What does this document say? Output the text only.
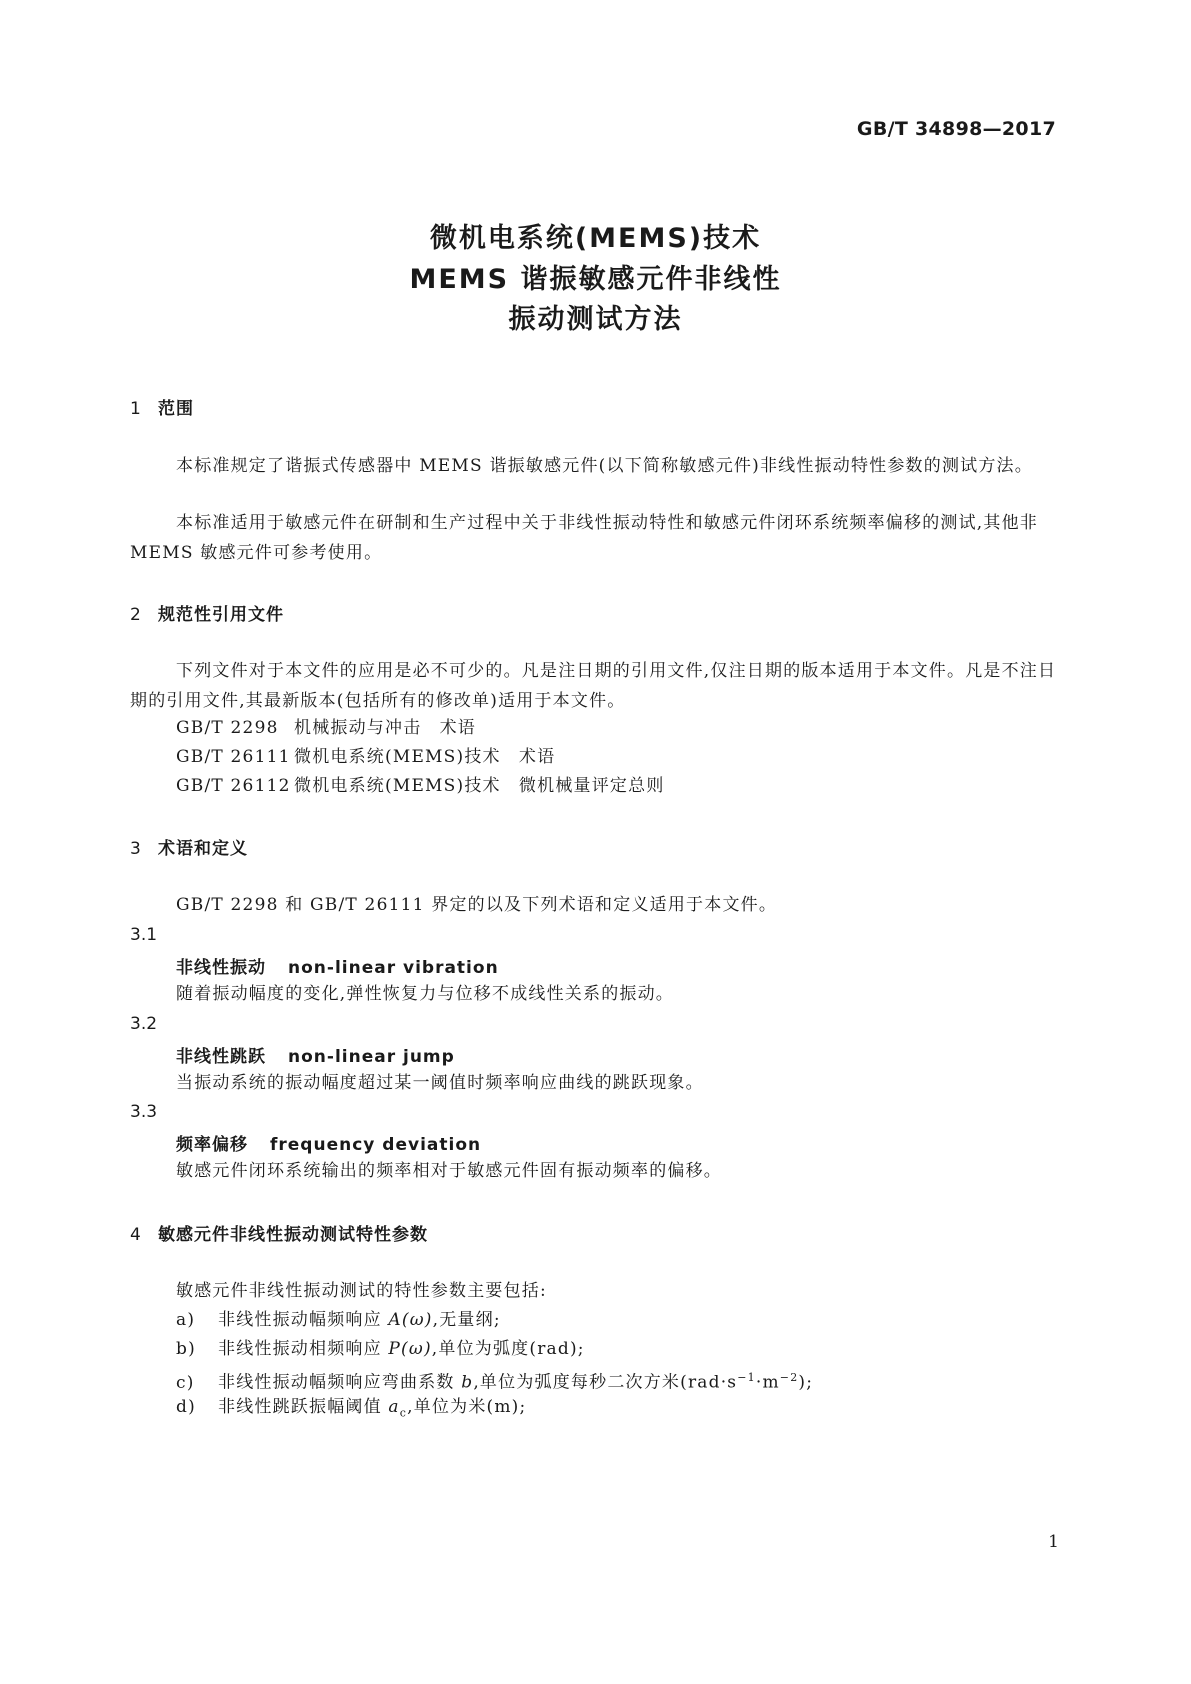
GB/T 34898—2017
微机电系统(MEMS)技术
MEMS 谐振敏感元件非线性
振动测试方法
1 范围
本标准规定了谐振式传感器中 MEMS 谐振敏感元件(以下简称敏感元件)非线性振动特性参数的测试方法。
本标准适用于敏感元件在研制和生产过程中关于非线性振动特性和敏感元件闭环系统频率偏移的测试,其他非 MEMS 敏感元件可参考使用。
2 规范性引用文件
下列文件对于本文件的应用是必不可少的。凡是注日期的引用文件,仅注日期的版本适用于本文件。凡是不注日期的引用文件,其最新版本(包括所有的修改单)适用于本文件。
GB/T 2298 机械振动与冲击　术语
GB/T 26111 微机电系统(MEMS)技术　术语
GB/T 26112 微机电系统(MEMS)技术　微机械量评定总则
3 术语和定义
GB/T 2298 和 GB/T 26111 界定的以及下列术语和定义适用于本文件。
3.1
非线性振动 non-linear vibration
随着振动幅度的变化,弹性恢复力与位移不成线性关系的振动。
3.2
非线性跳跃 non-linear jump
当振动系统的振动幅度超过某一阈值时频率响应曲线的跳跃现象。
3.3
频率偏移 frequency deviation
敏感元件闭环系统输出的频率相对于敏感元件固有振动频率的偏移。
4 敏感元件非线性振动测试特性参数
敏感元件非线性振动测试的特性参数主要包括:
a) 非线性振动幅频响应 A(ω),无量纲;
b) 非线性振动相频响应 P(ω),单位为弧度(rad);
c) 非线性振动幅频响应弯曲系数 b,单位为弧度每秒二次方米$(rad\cdot s^{-1}\cdot m^{-2})$;
d) 非线性跳跃振幅阈值 $a_c$,单位为米(m);
1
